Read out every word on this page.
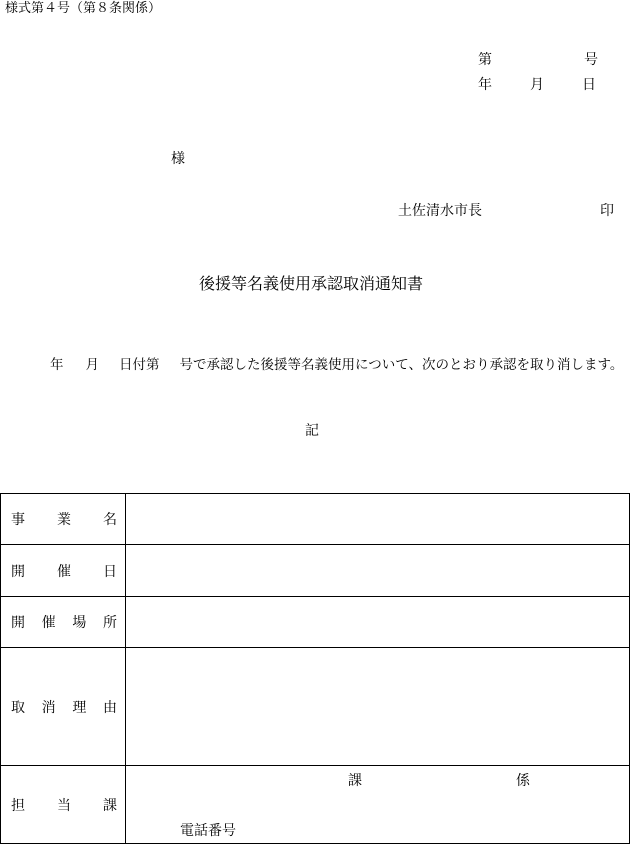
様式第４号（第８条関係）
第	号
年	月	日
様
土佐清水市長	印
後援等名義使用承認取消通知書
年 月 日付第 号で承認した後援等名義使用について、次のとおり承認を取り消します。
記
事 業 名	

開 催 日	

開 催 場 所	

取 消 理 由	

担 当 課	課 係
電話番号
